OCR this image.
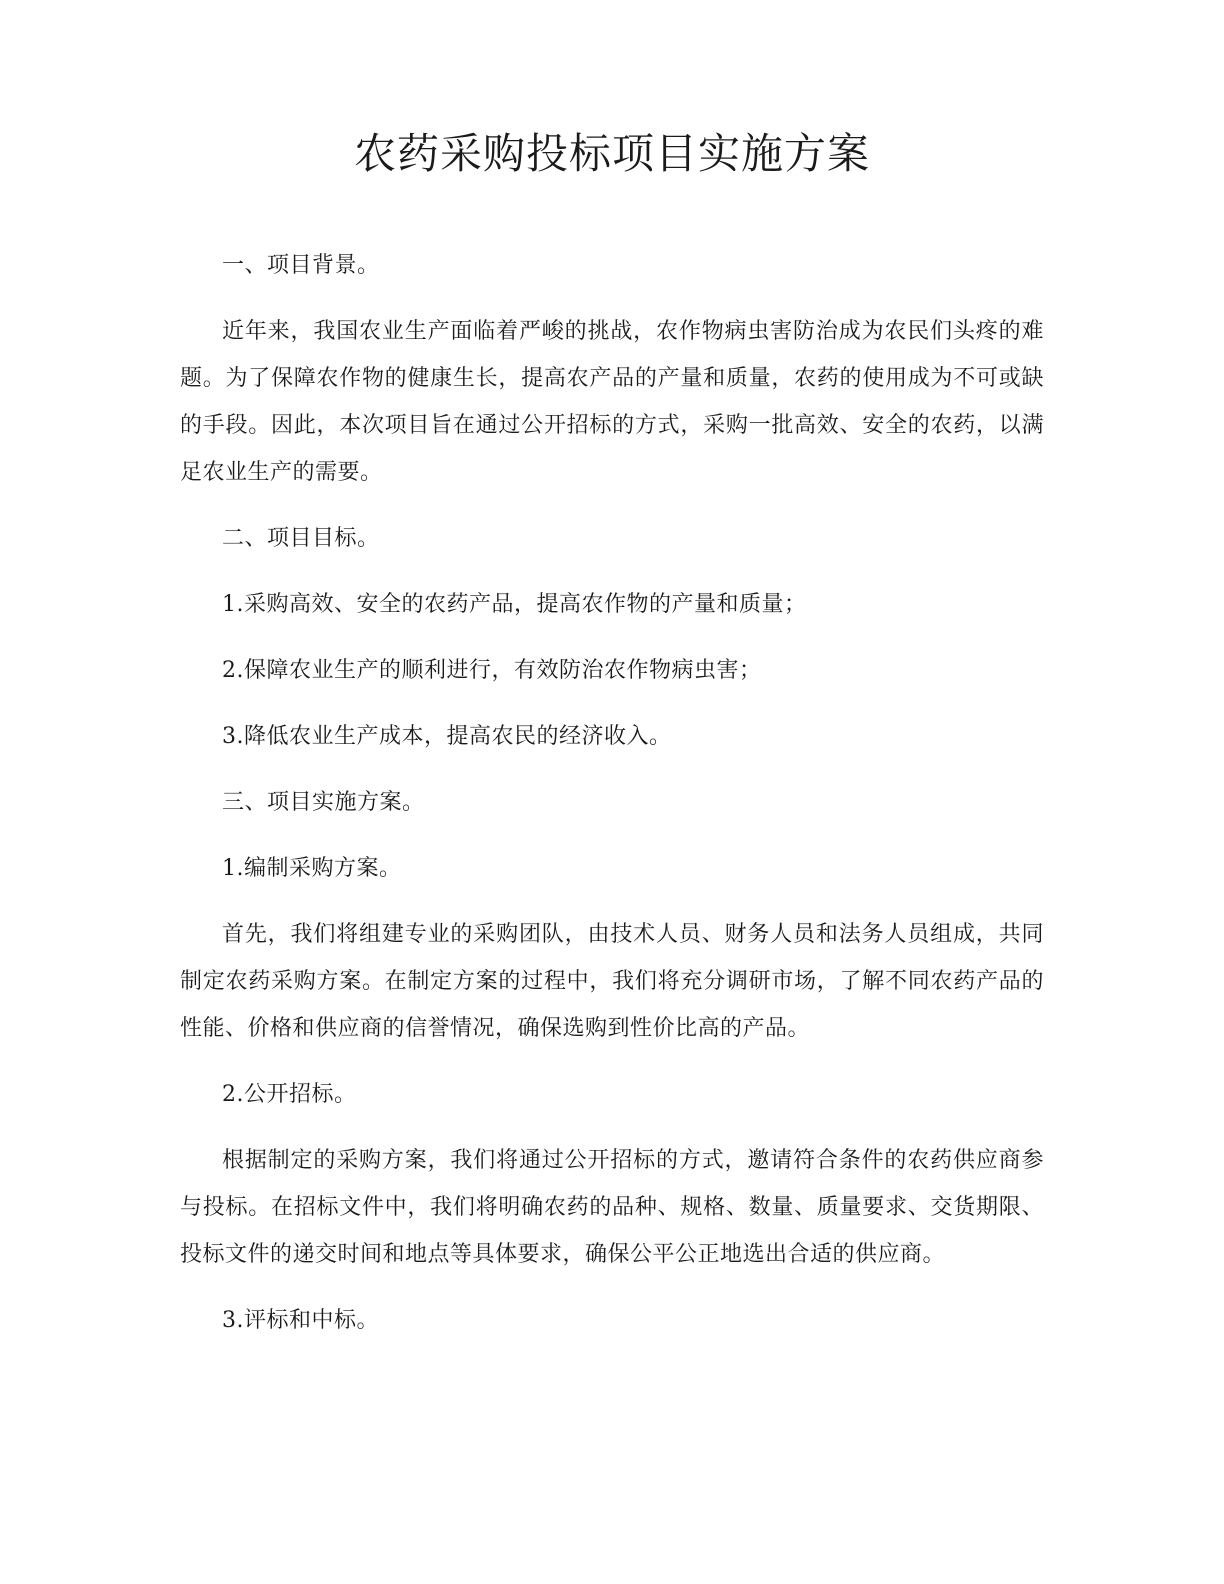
农药采购投标项目实施方案

一、项目背景。

近年来，我国农业生产面临着严峻的挑战，农作物病虫害防治成为农民们头疼的难题。为了保障农作物的健康生长，提高农产品的产量和质量，农药的使用成为不可或缺的手段。因此，本次项目旨在通过公开招标的方式，采购一批高效、安全的农药，以满足农业生产的需要。

二、项目目标。

1.采购高效、安全的农药产品，提高农作物的产量和质量；

2.保障农业生产的顺利进行，有效防治农作物病虫害；

3.降低农业生产成本，提高农民的经济收入。

三、项目实施方案。

1.编制采购方案。

首先，我们将组建专业的采购团队，由技术人员、财务人员和法务人员组成，共同制定农药采购方案。在制定方案的过程中，我们将充分调研市场，了解不同农药产品的性能、价格和供应商的信誉情况，确保选购到性价比高的产品。

2.公开招标。

根据制定的采购方案，我们将通过公开招标的方式，邀请符合条件的农药供应商参与投标。在招标文件中，我们将明确农药的品种、规格、数量、质量要求、交货期限、投标文件的递交时间和地点等具体要求，确保公平公正地选出合适的供应商。

3.评标和中标。
